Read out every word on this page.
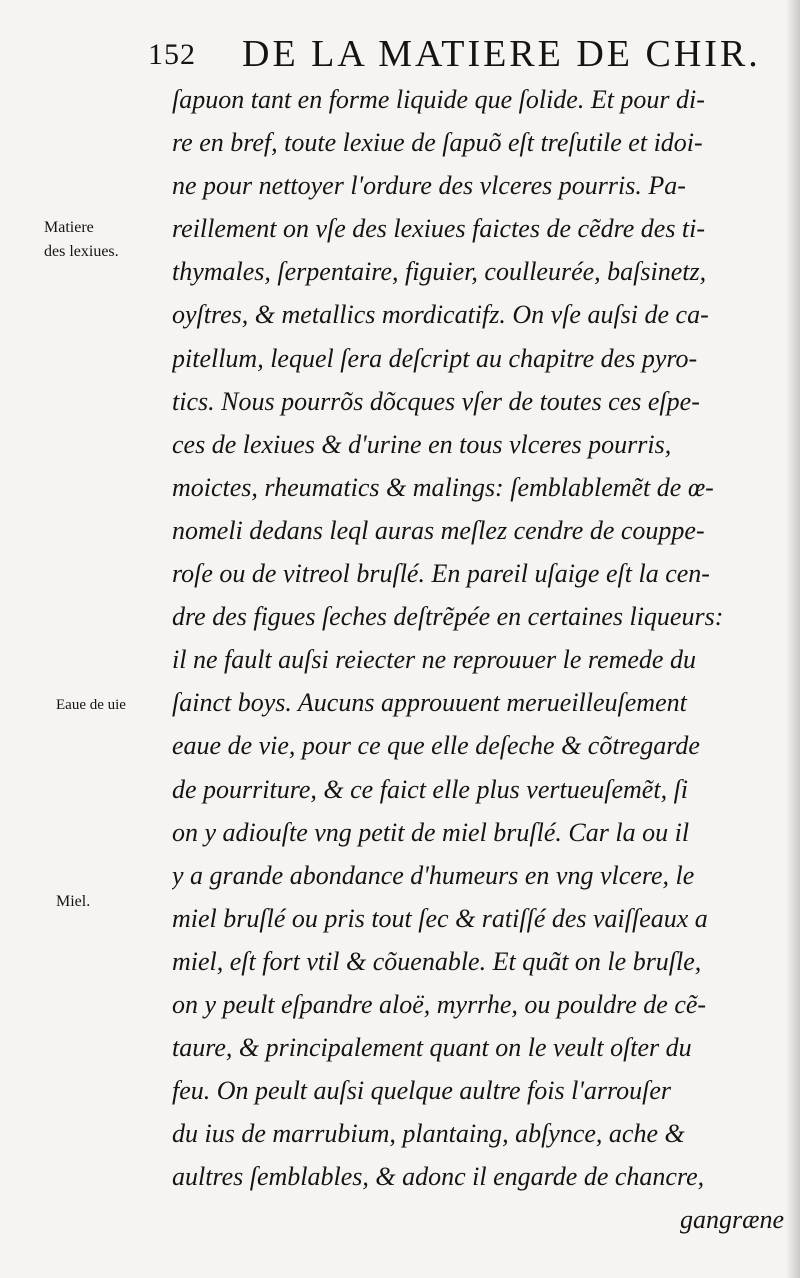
152 DE LA MATIERE DE CHIR.
Matiere
des lexiues.
Eaue de uie
Miel.
ſapuon tant en forme liquide que ſolide. Et pour di-
re en bref, toute lexiue de ſapuõ eſt treſutile et idoi-
ne pour nettoyer l'ordure des vlceres pourris. Pa-
reillement on vſe des lexiues faictes de cẽdre des ti-
thymales, ſerpentaire, figuier, coulleurée, baſsinetz,
oyſtres, & metallics mordicatifz. On vſe auſsi de ca-
pitellum, lequel ſera deſcript au chapitre des pyro-
tics. Nous pourrõs dõcques vſer de toutes ces eſpe-
ces de lexiues & d'urine en tous vlceres pourris,
moictes, rheumatics & malings: ſemblablemẽt de œ-
nomeli dedans leql auras meſlez cendre de couppe-
roſe ou de vitreol bruſlé. En pareil uſaige eſt la cen-
dre des figues ſeches deſtrẽpée en certaines liqueurs:
il ne fault auſsi reiecter ne reprouuer le remede du
ſainct boys. Aucuns approuuent merueilleuſement
eaue de vie, pour ce que elle deſeche & cõtregarde
de pourriture, & ce faict elle plus vertueuſemẽt, ſi
on y adiouſte vng petit de miel bruſlé. Car la ou il
y a grande abondance d'humeurs en vng vlcere, le
miel bruſlé ou pris tout ſec & ratiſſé des vaiſſeaux a
miel, eſt fort vtil & cõuenable. Et quãt on le bruſle,
on y peult eſpandre aloë, myrrhe, ou pouldre de cẽ-
taure, & principalement quant on le veult oſter du
feu. On peult auſsi quelque aultre fois l'arrouſer
du ius de marrubium, plantaing, abſynce, ache &
aultres ſemblables, & adonc il engarde de chancre,
gangræne
